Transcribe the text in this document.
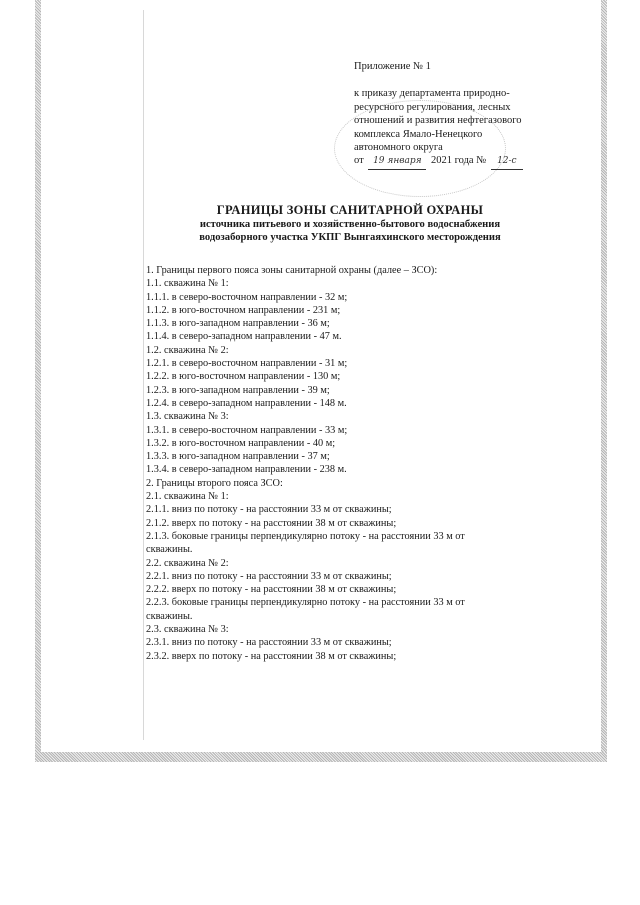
Приложение № 1
к приказу департамента природно-
ресурсного регулирования, лесных
отношений и развития нефтегазового
комплекса Ямало-Ненецкого
автономного округа
от 19 января 2021 года № 12-с
ГРАНИЦЫ ЗОНЫ САНИТАРНОЙ ОХРАНЫ
источника питьевого и хозяйственно-бытового водоснабжения
водозаборного участка УКПГ Вынгаяхинского месторождения
1. Границы первого пояса зоны санитарной охраны (далее – ЗСО):
1.1. скважина № 1:
1.1.1. в северо-восточном направлении - 32 м;
1.1.2. в юго-восточном направлении - 231 м;
1.1.3. в юго-западном направлении - 36 м;
1.1.4. в северо-западном направлении - 47 м.
1.2. скважина № 2:
1.2.1. в северо-восточном направлении - 31 м;
1.2.2. в юго-восточном направлении - 130 м;
1.2.3. в юго-западном направлении - 39 м;
1.2.4. в северо-западном направлении - 148 м.
1.3. скважина № 3:
1.3.1. в северо-восточном направлении - 33 м;
1.3.2. в юго-восточном направлении - 40 м;
1.3.3. в юго-западном направлении - 37 м;
1.3.4. в северо-западном направлении - 238 м.
2. Границы второго пояса ЗСО:
2.1. скважина № 1:
2.1.1. вниз по потоку - на расстоянии 33 м от скважины;
2.1.2. вверх по потоку - на расстоянии 38 м от скважины;
2.1.3. боковые границы перпендикулярно потоку - на расстоянии 33 м от
скважины.
2.2. скважина № 2:
2.2.1. вниз по потоку - на расстоянии 33 м от скважины;
2.2.2. вверх по потоку - на расстоянии 38 м от скважины;
2.2.3. боковые границы перпендикулярно потоку - на расстоянии 33 м от
скважины.
2.3. скважина № 3:
2.3.1. вниз по потоку - на расстоянии 33 м от скважины;
2.3.2. вверх по потоку - на расстоянии 38 м от скважины;
